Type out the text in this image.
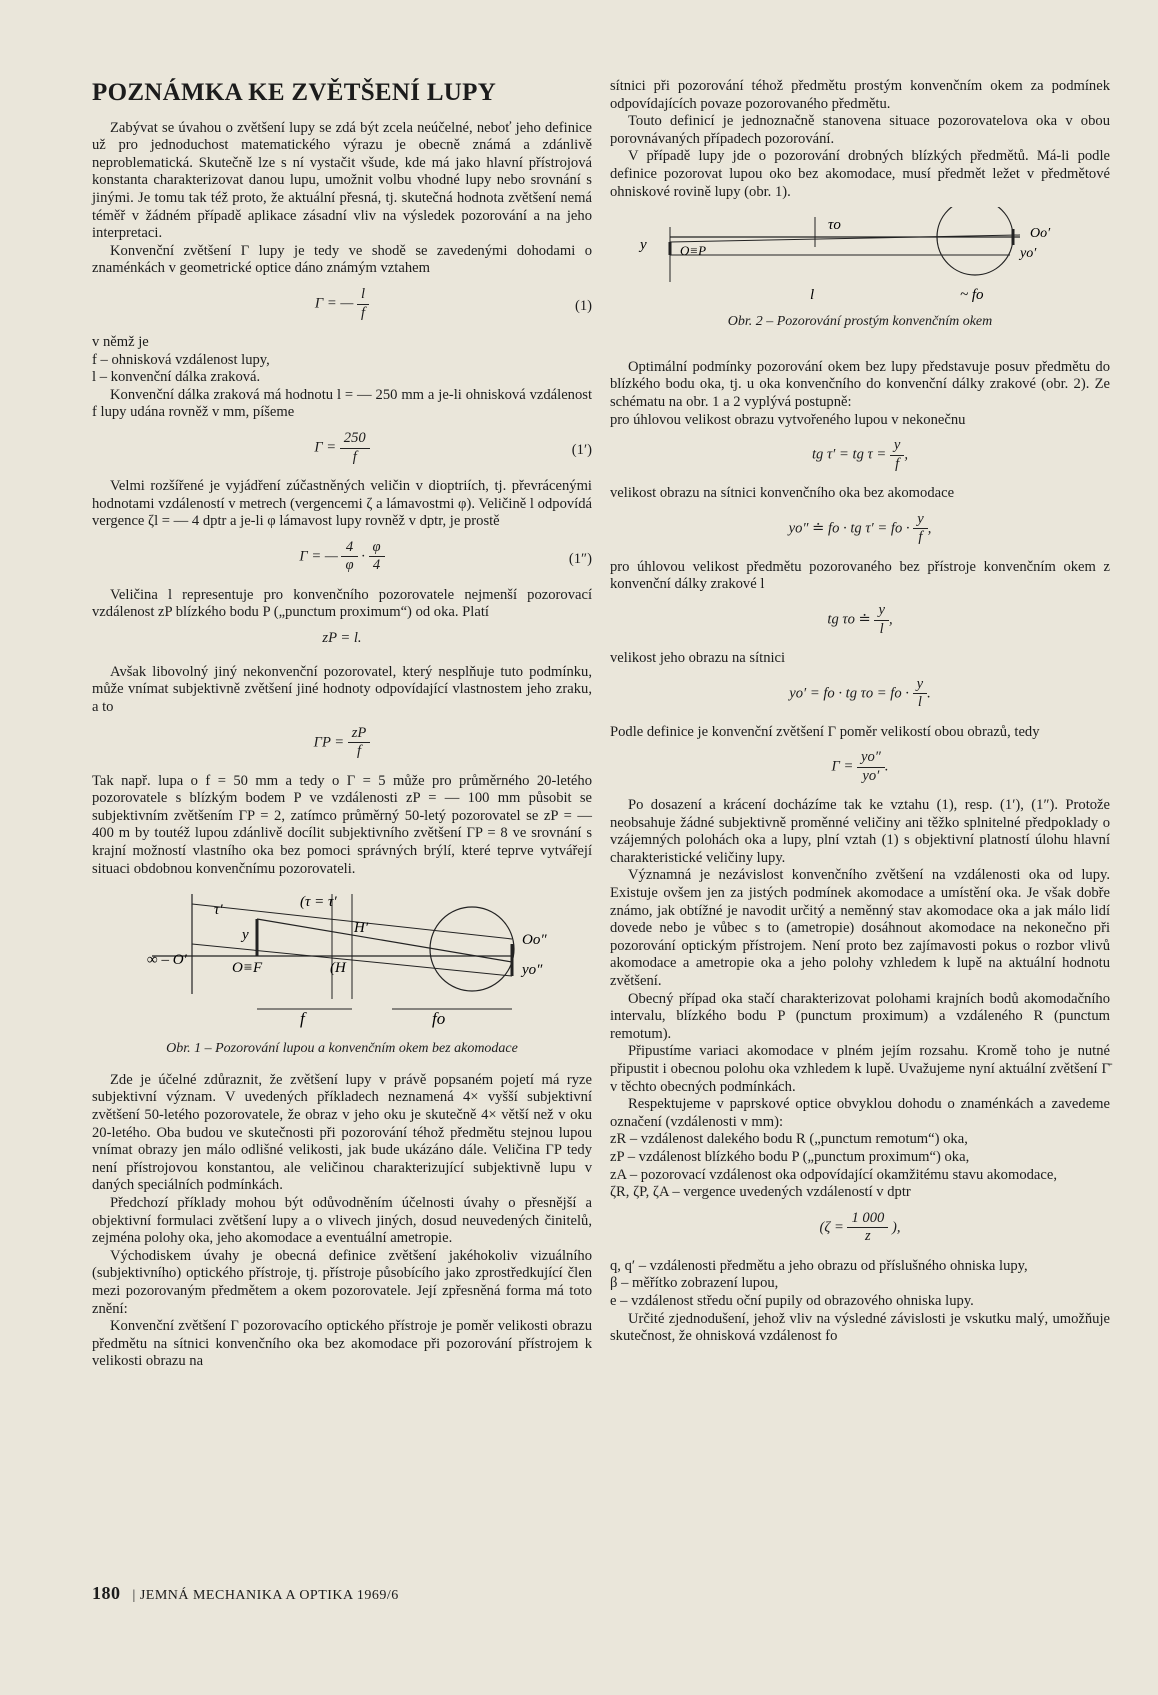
POZNÁMKA KE ZVĚTŠENÍ LUPY

Zabývat se úvahou o zvětšení lupy se zdá být zcela neúčelné, neboť jeho definice už pro jednoduchost matematického výrazu je obecně známá a zdánlivě neproblematická. Skutečně lze s ní vystačit všude, kde má jako hlavní přístrojová konstanta charakterizovat danou lupu, umožnit volbu vhodné lupy nebo srovnání s jinými. Je tomu tak též proto, že aktuální přesná, tj. skutečná hodnota zvětšení nemá téměř v žádném případě aplikace zásadní vliv na výsledek pozorování a na jeho interpretaci.

Konvenční zvětšení Γ lupy je tedy ve shodě se zavedenými dohodami o znaménkách v geometrické optice dáno známým vztahem

Γ = — $\frac{l}{f}$	(1)

v němž je

f – ohnisková vzdálenost lupy,

l – konvenční dálka zraková.

Konvenční dálka zraková má hodnotu l = — 250 mm a je-li ohnisková vzdálenost f lupy udána rovněž v mm, píšeme

$\Gamma = \frac{250}{f}$	(1′)

Velmi rozšířené je vyjádření zúčastněných veličin v dioptriích, tj. převrácenými hodnotami vzdáleností v metrech (vergencemi ζ a lámavostmi φ). Veličině l odpovídá vergence ζl = — 4 dptr a je-li φ lámavost lupy rovněž v dptr, je prostě

Γ = — $\frac{4}{\varphi} \cdot \frac{\varphi}{4}$	(1″)

Veličina l representuje pro konvenčního pozorovatele nejmenší pozorovací vzdálenost zP blízkého bodu P („punctum proximum“) od oka. Platí

zP = l.

Avšak libovolný jiný nekonvenční pozorovatel, který nesplňuje tuto podmínku, může vnímat subjektivně zvětšení jiné hodnoty odpovídající vlastnostem jeho zraku, a to

$\Gamma P = \frac{zP}{f}$

Tak např. lupa o f = 50 mm a tedy o Γ = 5 může pro průměrného 20-letého pozorovatele s blízkým bodem P ve vzdálenosti zP = — 100 mm působit se subjektivním zvětšením ΓP = 2, zatímco průměrný 50-letý pozorovatel se zP = — 400 m by toutéž lupou zdánlivě docílit subjektivního zvětšení ΓP = 8 ve srovnání s krajní možností vlastního oka bez pomoci správných brýlí, které teprve vytvářejí situaci obdobnou konvenčnímu pozorovateli.

∞ – O′
τ′
y
(τ = τ′
H′
(H
O≡F
f	fo
Oo″
yo″

Obr. 1 – Pozorování lupou a konvenčním okem bez akomodace

Zde je účelné zdůraznit, že zvětšení lupy v právě popsaném pojetí má ryze subjektivní význam. V uvedených příkladech neznamená 4× vyšší subjektivní zvětšení 50-letého pozorovatele, že obraz v jeho oku je skutečně 4× větší než v oku 20-letého. Oba budou ve skutečnosti při pozorování téhož předmětu stejnou lupou vnímat obrazy jen málo odlišné velikosti, jak bude ukázáno dále. Veličina ΓP tedy není přístrojovou konstantou, ale veličinou charakterizující subjektivně lupu v daných speciálních podmínkách.

Předchozí příklady mohou být odůvodněním účelnosti úvahy o přesnější a objektivní formulaci zvětšení lupy a o vlivech jiných, dosud neuvedených činitelů, zejména polohy oka, jeho akomodace a eventuální ametropie.

Východiskem úvahy je obecná definice zvětšení jakéhokoliv vizuálního (subjektivního) optického přístroje, tj. přístroje působícího jako zprostředkující člen mezi pozorovaným předmětem a okem pozorovatele. Její zpřesněná forma má toto znění:

Konvenční zvětšení Γ pozorovacího optického přístroje je poměr velikosti obrazu předmětu na sítnici konvenčního oka bez akomodace při pozorování přístrojem k velikosti obrazu na

sítnici při pozorování téhož předmětu prostým konvenčním okem za podmínek odpovídajících povaze pozorovaného předmětu.

Touto definicí je jednoznačně stanovena situace pozorovatelova oka v obou porovnávaných případech pozorování.

V případě lupy jde o pozorování drobných blízkých předmětů. Má-li podle definice pozorovat lupou oko bez akomodace, musí předmět ležet v předmětové ohniskové rovině lupy (obr. 1).

y	O≡P
τo
l	~ fo
Oo′
yo′

Obr. 2 – Pozorování prostým konvenčním okem

Optimální podmínky pozorování okem bez lupy představuje posuv předmětu do blízkého bodu oka, tj. u oka konvenčního do konvenční dálky zrakové (obr. 2). Ze schématu na obr. 1 a 2 vyplývá postupně:

pro úhlovou velikost obrazu vytvořeného lupou v nekonečnu

tg τ′ = tg $\tau = \frac{y}{f}$ ,

velikost obrazu na sítnici konvenčního oka bez akomodace

yo″ ≐ fo · tg τ′ = fo · $\frac{y}{f}$ ,

pro úhlovou velikost předmětu pozorovaného bez přístroje konvenčním okem z konvenční dálky zrakové l

tg τo ≐ $\frac{y}{l}$ ,

velikost jeho obrazu na sítnici

yo′ = fo · tg τo = fo · $\frac{y}{l}$ .

Podle definice je konvenční zvětšení Γ poměr velikostí obou obrazů, tedy

$\Gamma = \frac{yo''}{yo'}$ .

Po dosazení a krácení docházíme tak ke vztahu (1), resp. (1′), (1″). Protože neobsahuje žádné subjektivně proměnné veličiny ani těžko splnitelné předpoklady o vzájemných polohách oka a lupy, plní vztah (1) s objektivní platností úlohu hlavní charakteristické veličiny lupy.

Významná je nezávislost konvenčního zvětšení na vzdálenosti oka od lupy. Existuje ovšem jen za jistých podmínek akomodace a umístění oka. Je však dobře známo, jak obtížné je navodit určitý a neměnný stav akomodace oka a jak málo lidí dovede nebo je vůbec s to (ametropie) dosáhnout akomodace na nekonečno při pozorování optickým přístrojem. Není proto bez zajímavosti pokus o rozbor vlivů akomodace a ametropie oka a jeho polohy vzhledem k lupě na aktuální hodnotu zvětšení.

Obecný případ oka stačí charakterizovat polohami krajních bodů akomodačního intervalu, blízkého bodu P (punctum proximum) a vzdáleného R (punctum remotum).

Připustíme variaci akomodace v plném jejím rozsahu. Kromě toho je nutné připustit i obecnou polohu oka vzhledem k lupě. Uvažujeme nyní aktuální zvětšení Γ̄ v těchto obecných podmínkách.

Respektujeme v paprskové optice obvyklou dohodu o znaménkách a zavedeme označení (vzdálenosti v mm):

zR – vzdálenost dalekého bodu R („punctum remotum“) oka,

zP – vzdálenost blízkého bodu P („punctum proximum“) oka,

zA – pozorovací vzdálenost oka odpovídající okamžitému stavu akomodace,

ζR, ζP, ζA – vergence uvedených vzdáleností v dptr

($\zeta = \frac{1 000}{z}$ ),

q, q′ – vzdálenosti předmětu a jeho obrazu od příslušného ohniska lupy,

β – měřítko zobrazení lupou,

e – vzdálenost středu oční pupily od obrazového ohniska lupy.

Určité zjednodušení, jehož vliv na výsledné závislosti je vskutku malý, umožňuje skutečnost, že ohnisková vzdálenost fo

180 | JEMNÁ MECHANIKA A OPTIKA 1969/6
